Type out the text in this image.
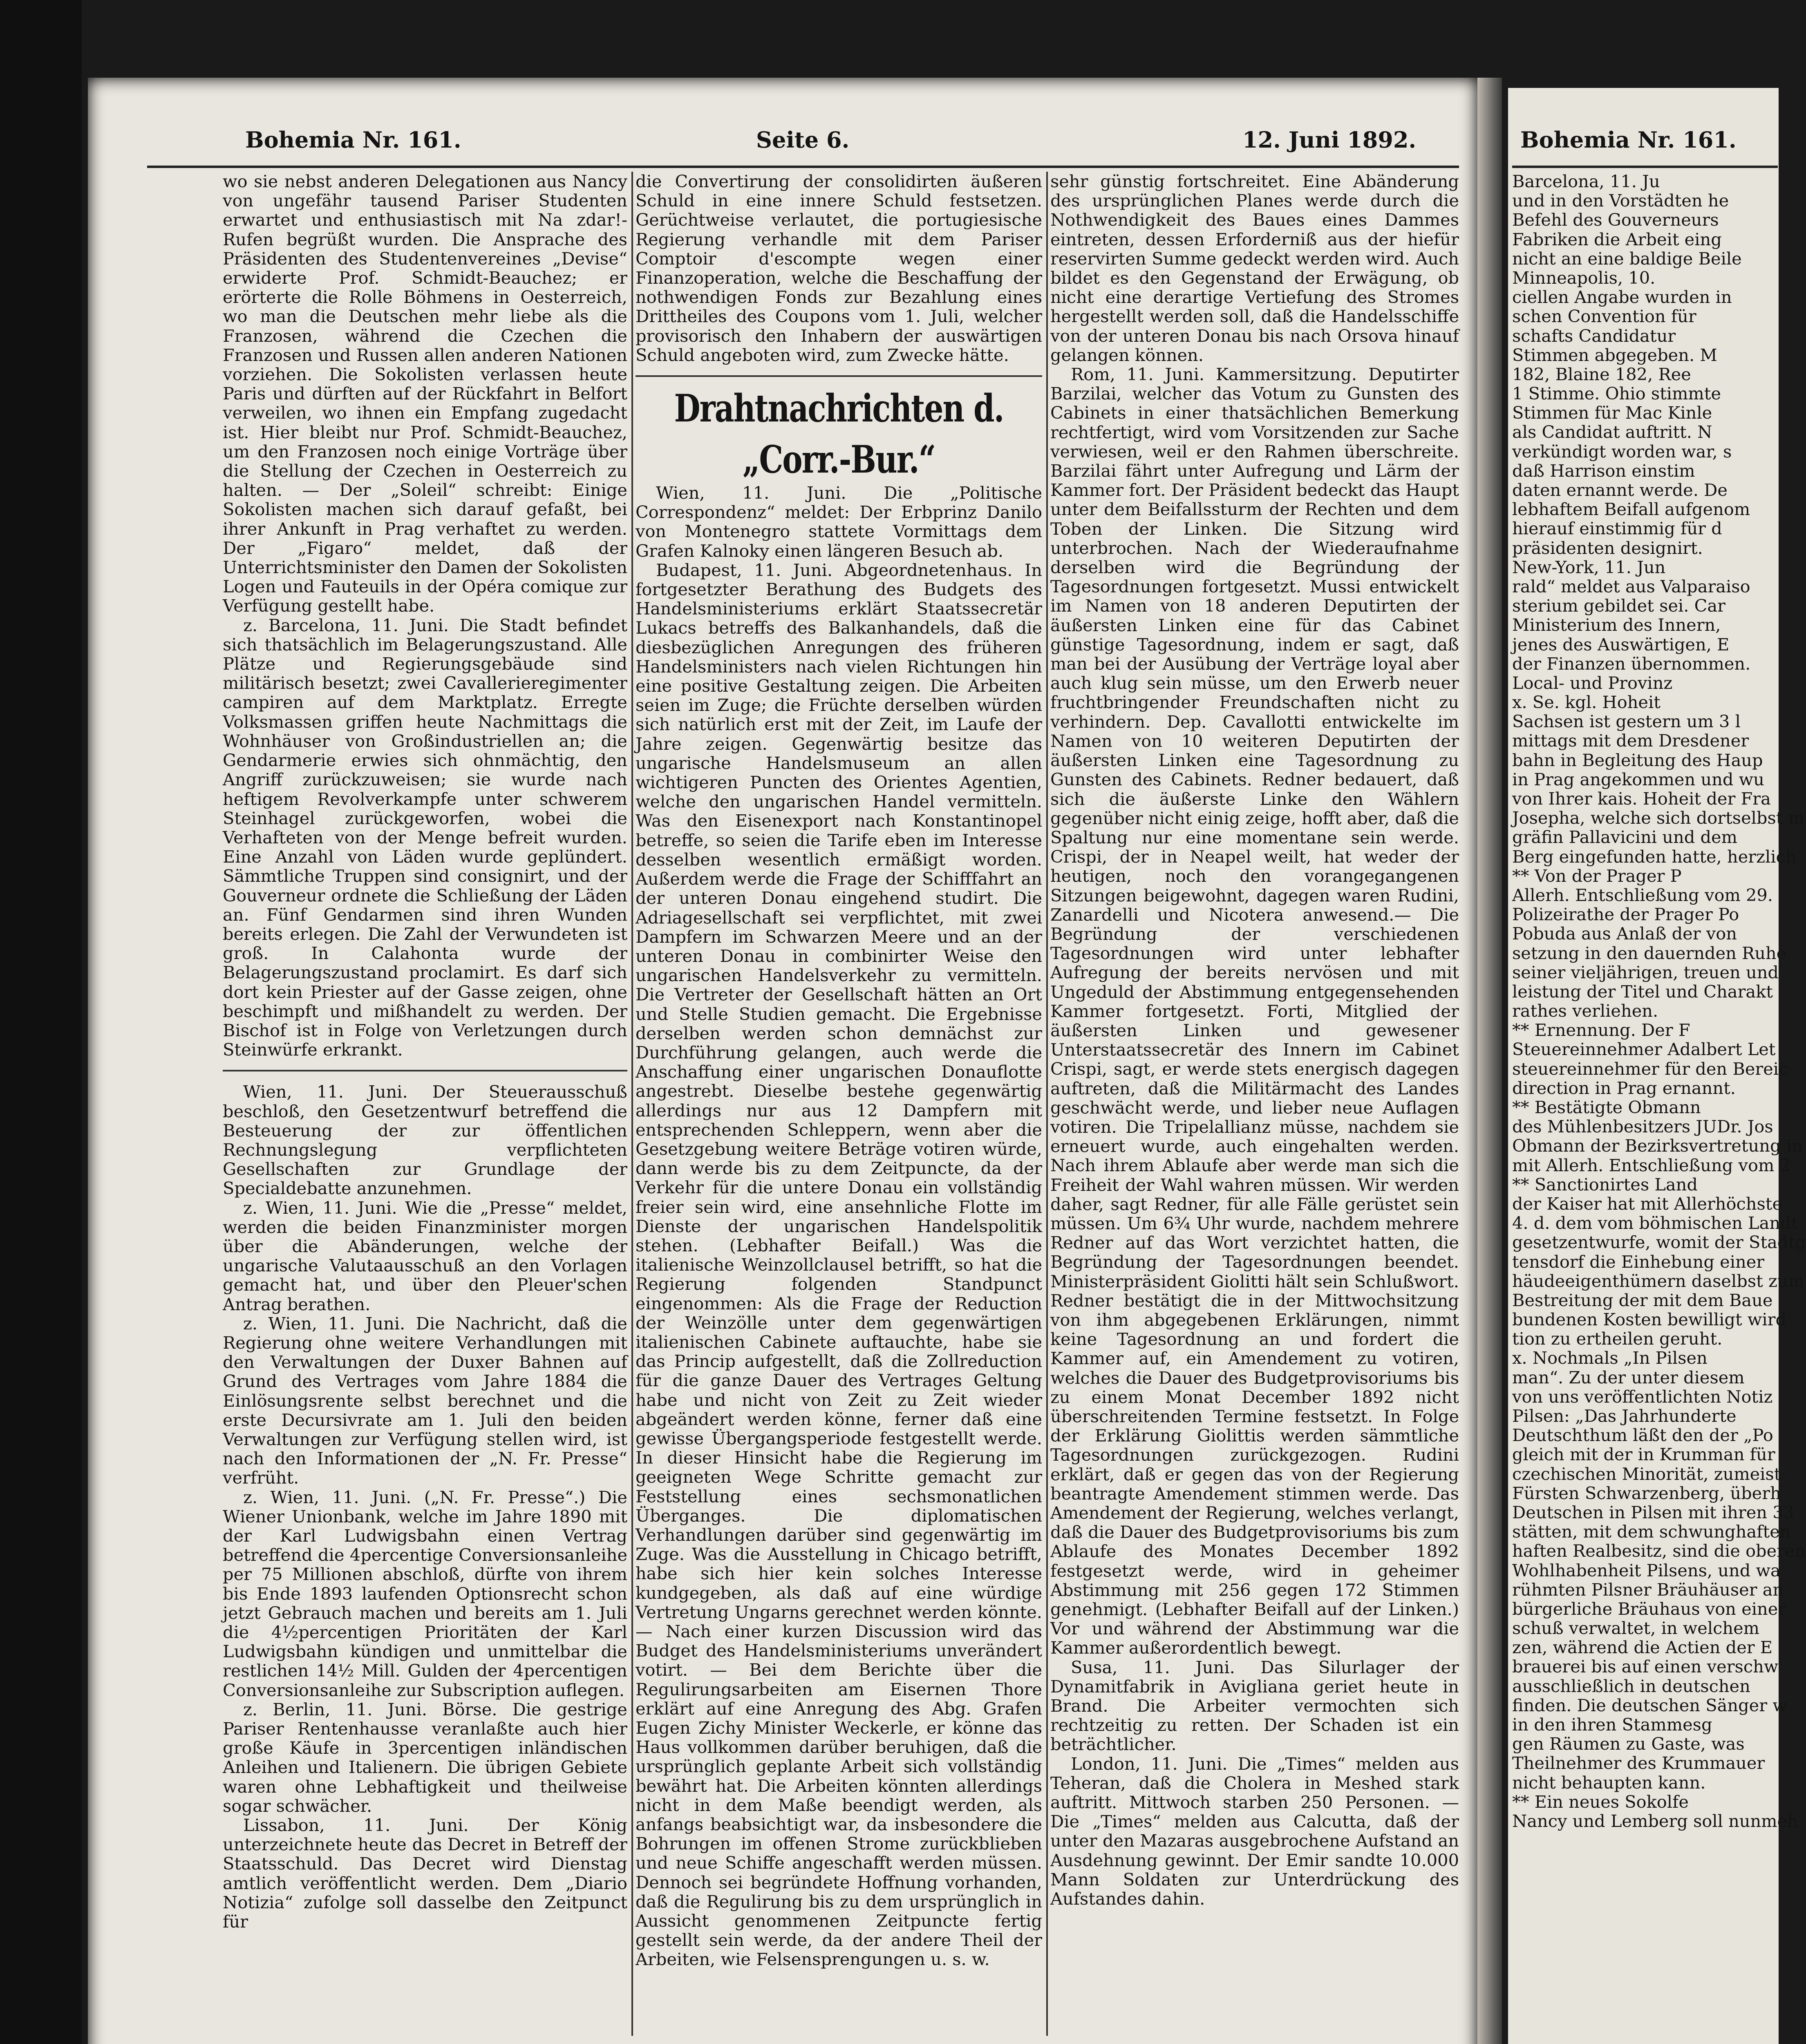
Bohemia Nr. 161.	Seite 6.	12. Juni 1892.

wo sie nebst anderen Delegationen aus Nancy von ungefähr tausend Pariser Studenten erwartet und enthusiastisch mit Na zdar!-Rufen begrüßt wurden. Die Ansprache des Präsidenten des Studentenvereines „Devise“ erwiderte Prof. Schmidt-Beauchez; er erörterte die Rolle Böhmens in Oesterreich, wo man die Deutschen mehr liebe als die Franzosen, während die Czechen die Franzosen und Russen allen anderen Nationen vorziehen. Die Sokolisten verlassen heute Paris und dürften auf der Rückfahrt in Belfort verweilen, wo ihnen ein Empfang zugedacht ist. Hier bleibt nur Prof. Schmidt-Beauchez, um den Franzosen noch einige Vorträge über die Stellung der Czechen in Oesterreich zu halten. — Der „Soleil“ schreibt: Einige Sokolisten machen sich darauf gefaßt, bei ihrer Ankunft in Prag verhaftet zu werden. Der „Figaro“ meldet, daß der Unterrichtsminister den Damen der Sokolisten Logen und Fauteuils in der Opéra comique zur Verfügung gestellt habe.

z. Barcelona, 11. Juni. Die Stadt befindet sich thatsächlich im Belagerungszustand. Alle Plätze und Regierungsgebäude sind militärisch besetzt; zwei Cavallerieregimenter campiren auf dem Marktplatz. Erregte Volksmassen griffen heute Nachmittags die Wohnhäuser von Großindustriellen an; die Gendarmerie erwies sich ohnmächtig, den Angriff zurückzuweisen; sie wurde nach heftigem Revolverkampfe unter schwerem Steinhagel zurückgeworfen, wobei die Verhafteten von der Menge befreit wurden. Eine Anzahl von Läden wurde geplündert. Sämmtliche Truppen sind consignirt, und der Gouverneur ordnete die Schließung der Läden an. Fünf Gendarmen sind ihren Wunden bereits erlegen. Die Zahl der Verwundeten ist groß. In Calahonta wurde der Belagerungszustand proclamirt. Es darf sich dort kein Priester auf der Gasse zeigen, ohne beschimpft und mißhandelt zu werden. Der Bischof ist in Folge von Verletzungen durch Steinwürfe erkrankt.

Wien, 11. Juni. Der Steuerausschuß beschloß, den Gesetzentwurf betreffend die Besteuerung der zur öffentlichen Rechnungslegung verpflichteten Gesellschaften zur Grundlage der Specialdebatte anzunehmen.

z. Wien, 11. Juni. Wie die „Presse“ meldet, werden die beiden Finanzminister morgen über die Abänderungen, welche der ungarische Valutaausschuß an den Vorlagen gemacht hat, und über den Pleuer'schen Antrag berathen.

z. Wien, 11. Juni. Die Nachricht, daß die Regierung ohne weitere Verhandlungen mit den Verwaltungen der Duxer Bahnen auf Grund des Vertrages vom Jahre 1884 die Einlösungsrente selbst berechnet und die erste Decursivrate am 1. Juli den beiden Verwaltungen zur Verfügung stellen wird, ist nach den Informationen der „N. Fr. Presse“ verfrüht.

z. Wien, 11. Juni. („N. Fr. Presse“.) Die Wiener Unionbank, welche im Jahre 1890 mit der Karl Ludwigsbahn einen Vertrag betreffend die 4percentige Conversionsanleihe per 75 Millionen abschloß, dürfte von ihrem bis Ende 1893 laufenden Optionsrecht schon jetzt Gebrauch machen und bereits am 1. Juli die 4½percentigen Prioritäten der Karl Ludwigsbahn kündigen und unmittelbar die restlichen 14½ Mill. Gulden der 4percentigen Conversionsanleihe zur Subscription auflegen.

z. Berlin, 11. Juni. Börse. Die gestrige Pariser Rentenhausse veranlaßte auch hier große Käufe in 3percentigen inländischen Anleihen und Italienern. Die übrigen Gebiete waren ohne Lebhaftigkeit und theilweise sogar schwächer.

Lissabon, 11. Juni. Der König unterzeichnete heute das Decret in Betreff der Staatsschuld. Das Decret wird Dienstag amtlich veröffentlicht werden. Dem „Diario Notizia“ zufolge soll dasselbe den Zeitpunct für

die Convertirung der consolidirten äußeren Schuld in eine innere Schuld festsetzen. Gerüchtweise verlautet, die portugiesische Regierung verhandle mit dem Pariser Comptoir d'escompte wegen einer Finanzoperation, welche die Beschaffung der nothwendigen Fonds zur Bezahlung eines Drittheiles des Coupons vom 1. Juli, welcher provisorisch den Inhabern der auswärtigen Schuld angeboten wird, zum Zwecke hätte.

Drahtnachrichten d. „Corr.-Bur.“

Wien, 11. Juni. Die „Politische Correspondenz“ meldet: Der Erbprinz Danilo von Montenegro stattete Vormittags dem Grafen Kalnoky einen längeren Besuch ab.

Budapest, 11. Juni. Abgeordnetenhaus. In fortgesetzter Berathung des Budgets des Handelsministeriums erklärt Staatssecretär Lukacs betreffs des Balkanhandels, daß die diesbezüglichen Anregungen des früheren Handelsministers nach vielen Richtungen hin eine positive Gestaltung zeigen. Die Arbeiten seien im Zuge; die Früchte derselben würden sich natürlich erst mit der Zeit, im Laufe der Jahre zeigen. Gegenwärtig besitze das ungarische Handelsmuseum an allen wichtigeren Puncten des Orientes Agentien, welche den ungarischen Handel vermitteln. Was den Eisenexport nach Konstantinopel betreffe, so seien die Tarife eben im Interesse desselben wesentlich ermäßigt worden. Außerdem werde die Frage der Schifffahrt an der unteren Donau eingehend studirt. Die Adriagesellschaft sei verpflichtet, mit zwei Dampfern im Schwarzen Meere und an der unteren Donau in combinirter Weise den ungarischen Handelsverkehr zu vermitteln. Die Vertreter der Gesellschaft hätten an Ort und Stelle Studien gemacht. Die Ergebnisse derselben werden schon demnächst zur Durchführung gelangen, auch werde die Anschaffung einer ungarischen Donauflotte angestrebt. Dieselbe bestehe gegenwärtig allerdings nur aus 12 Dampfern mit entsprechenden Schleppern, wenn aber die Gesetzgebung weitere Beträge votiren würde, dann werde bis zu dem Zeitpuncte, da der Verkehr für die untere Donau ein vollständig freier sein wird, eine ansehnliche Flotte im Dienste der ungarischen Handelspolitik stehen. (Lebhafter Beifall.) Was die italienische Weinzollclausel betrifft, so hat die Regierung folgenden Standpunct eingenommen: Als die Frage der Reduction der Weinzölle unter dem gegenwärtigen italienischen Cabinete auftauchte, habe sie das Princip aufgestellt, daß die Zollreduction für die ganze Dauer des Vertrages Geltung habe und nicht von Zeit zu Zeit wieder abgeändert werden könne, ferner daß eine gewisse Übergangsperiode festgestellt werde. In dieser Hinsicht habe die Regierung im geeigneten Wege Schritte gemacht zur Feststellung eines sechsmonatlichen Überganges. Die diplomatischen Verhandlungen darüber sind gegenwärtig im Zuge. Was die Ausstellung in Chicago betrifft, habe sich hier kein solches Interesse kundgegeben, als daß auf eine würdige Vertretung Ungarns gerechnet werden könnte. — Nach einer kurzen Discussion wird das Budget des Handelsministeriums unverändert votirt. — Bei dem Berichte über die Regulirungsarbeiten am Eisernen Thore erklärt auf eine Anregung des Abg. Grafen Eugen Zichy Minister Weckerle, er könne das Haus vollkommen darüber beruhigen, daß die ursprünglich geplante Arbeit sich vollständig bewährt hat. Die Arbeiten könnten allerdings nicht in dem Maße beendigt werden, als anfangs beabsichtigt war, da insbesondere die Bohrungen im offenen Strome zurückblieben und neue Schiffe angeschafft werden müssen. Dennoch sei begründete Hoffnung vorhanden, daß die Regulirung bis zu dem ursprünglich in Aussicht genommenen Zeitpuncte fertig gestellt sein werde, da der andere Theil der Arbeiten, wie Felsensprengungen u. s. w.

sehr günstig fortschreitet. Eine Abänderung des ursprünglichen Planes werde durch die Nothwendigkeit des Baues eines Dammes eintreten, dessen Erforderniß aus der hiefür reservirten Summe gedeckt werden wird. Auch bildet es den Gegenstand der Erwägung, ob nicht eine derartige Vertiefung des Stromes hergestellt werden soll, daß die Handelsschiffe von der unteren Donau bis nach Orsova hinauf gelangen können.

Rom, 11. Juni. Kammersitzung. Deputirter Barzilai, welcher das Votum zu Gunsten des Cabinets in einer thatsächlichen Bemerkung rechtfertigt, wird vom Vorsitzenden zur Sache verwiesen, weil er den Rahmen überschreite. Barzilai fährt unter Aufregung und Lärm der Kammer fort. Der Präsident bedeckt das Haupt unter dem Beifallssturm der Rechten und dem Toben der Linken. Die Sitzung wird unterbrochen. Nach der Wiederaufnahme derselben wird die Begründung der Tagesordnungen fortgesetzt. Mussi entwickelt im Namen von 18 anderen Deputirten der äußersten Linken eine für das Cabinet günstige Tagesordnung, indem er sagt, daß man bei der Ausübung der Verträge loyal aber auch klug sein müsse, um den Erwerb neuer fruchtbringender Freundschaften nicht zu verhindern. Dep. Cavallotti entwickelte im Namen von 10 weiteren Deputirten der äußersten Linken eine Tagesordnung zu Gunsten des Cabinets. Redner bedauert, daß sich die äußerste Linke den Wählern gegenüber nicht einig zeige, hofft aber, daß die Spaltung nur eine momentane sein werde. Crispi, der in Neapel weilt, hat weder der heutigen, noch den vorangegangenen Sitzungen beigewohnt, dagegen waren Rudini, Zanardelli und Nicotera anwesend.— Die Begründung der verschiedenen Tagesordnungen wird unter lebhafter Aufregung der bereits nervösen und mit Ungeduld der Abstimmung entgegensehenden Kammer fortgesetzt. Forti, Mitglied der äußersten Linken und gewesener Unterstaatssecretär des Innern im Cabinet Crispi, sagt, er werde stets energisch dagegen auftreten, daß die Militärmacht des Landes geschwächt werde, und lieber neue Auflagen votiren. Die Tripelallianz müsse, nachdem sie erneuert wurde, auch eingehalten werden. Nach ihrem Ablaufe aber werde man sich die Freiheit der Wahl wahren müssen. Wir werden daher, sagt Redner, für alle Fälle gerüstet sein müssen. Um 6¾ Uhr wurde, nachdem mehrere Redner auf das Wort verzichtet hatten, die Begründung der Tagesordnungen beendet. Ministerpräsident Giolitti hält sein Schlußwort. Redner bestätigt die in der Mittwochsitzung von ihm abgegebenen Erklärungen, nimmt keine Tagesordnung an und fordert die Kammer auf, ein Amendement zu votiren, welches die Dauer des Budgetprovisoriums bis zu einem Monat December 1892 nicht überschreitenden Termine festsetzt. In Folge der Erklärung Giolittis werden sämmtliche Tagesordnungen zurückgezogen. Rudini erklärt, daß er gegen das von der Regierung beantragte Amendement stimmen werde. Das Amendement der Regierung, welches verlangt, daß die Dauer des Budgetprovisoriums bis zum Ablaufe des Monates December 1892 festgesetzt werde, wird in geheimer Abstimmung mit 256 gegen 172 Stimmen genehmigt. (Lebhafter Beifall auf der Linken.) Vor und während der Abstimmung war die Kammer außerordentlich bewegt.

Susa, 11. Juni. Das Silurlager der Dynamitfabrik in Avigliana geriet heute in Brand. Die Arbeiter vermochten sich rechtzeitig zu retten. Der Schaden ist ein beträchtlicher.

London, 11. Juni. Die „Times“ melden aus Teheran, daß die Cholera in Meshed stark auftritt. Mittwoch starben 250 Personen. — Die „Times“ melden aus Calcutta, daß der unter den Mazaras ausgebrochene Aufstand an Ausdehnung gewinnt. Der Emir sandte 10.000 Mann Soldaten zur Unterdrückung des Aufstandes dahin.

Bohemia Nr. 161.
Barcelona, 11. Ju
und in den Vorstädten he
Befehl des Gouverneurs
Fabriken die Arbeit eing
nicht an eine baldige Beile
Minneapolis, 10.
ciellen Angabe wurden in
schen Convention für
schafts Candidatur
Stimmen abgegeben. M
182, Blaine 182, Ree
1 Stimme. Ohio stimmte
Stimmen für Mac Kinle
als Candidat auftritt. N
verkündigt worden war, s
daß Harrison einstim
daten ernannt werde. De
lebhaftem Beifall aufgenom
hierauf einstimmig für d
präsidenten designirt.
New-York, 11. Jun
rald“ meldet aus Valparaiso
sterium gebildet sei. Car
Ministerium des Innern,
jenes des Auswärtigen, E
der Finanzen übernommen.
Local- und Provinz
x. Se. kgl. Hoheit
Sachsen ist gestern um 3 l
mittags mit dem Dresdener
bahn in Begleitung des Haup
in Prag angekommen und wu
von Ihrer kais. Hoheit der Fra
Josepha, welche sich dortselbst m
gräfin Pallavicini und dem
Berg eingefunden hatte, herzlich
** Von der Prager P
Allerh. Entschließung vom 29.
Polizeirathe der Prager Po
Pobuda aus Anlaß der von
setzung in den dauernden Ruhe
seiner vieljährigen, treuen und
leistung der Titel und Charakt
rathes verliehen.
** Ernennung. Der F
Steuereinnehmer Adalbert Let
steuereinnehmer für den Bereic
direction in Prag ernannt.
** Bestätigte Obmann
des Mühlenbesitzers JUDr. Jos
Obmann der Bezirksvertretung in
mit Allerh. Entschließung vom 2
** Sanctionirtes Land
der Kaiser hat mit Allerhöchste
4. d. dem vom böhmischen Landt
gesetzentwurfe, womit der Stadtg
tensdorf die Einhebung einer
häudeeigenthümern daselbst zum
Bestreitung der mit dem Baue
bundenen Kosten bewilligt wird
tion zu ertheilen geruht.
x. Nochmals „In Pilsen
man“. Zu der unter diesem
von uns veröffentlichten Notiz
Pilsen: „Das Jahrhunderte
Deutschthum läßt den der „Po
gleich mit der in Krumman für
czechischen Minorität, zumeist
Fürsten Schwarzenberg, überh
Deutschen in Pilsen mit ihren 33
stätten, mit dem schwunghaften
haften Realbesitz, sind die oberen
Wohlhabenheit Pilsens, und wa
rühmten Pilsner Bräuhäuser an
bürgerliche Bräuhaus von einer
schuß verwaltet, in welchem
zen, während die Actien der E
brauerei bis auf einen verschw
ausschließlich in deutschen
finden. Die deutschen Sänger w
in den ihren Stammesg
gen Räumen zu Gaste, was
Theilnehmer des Krummauer
nicht behaupten kann.
** Ein neues Sokolfe
Nancy und Lemberg soll nunmeh
